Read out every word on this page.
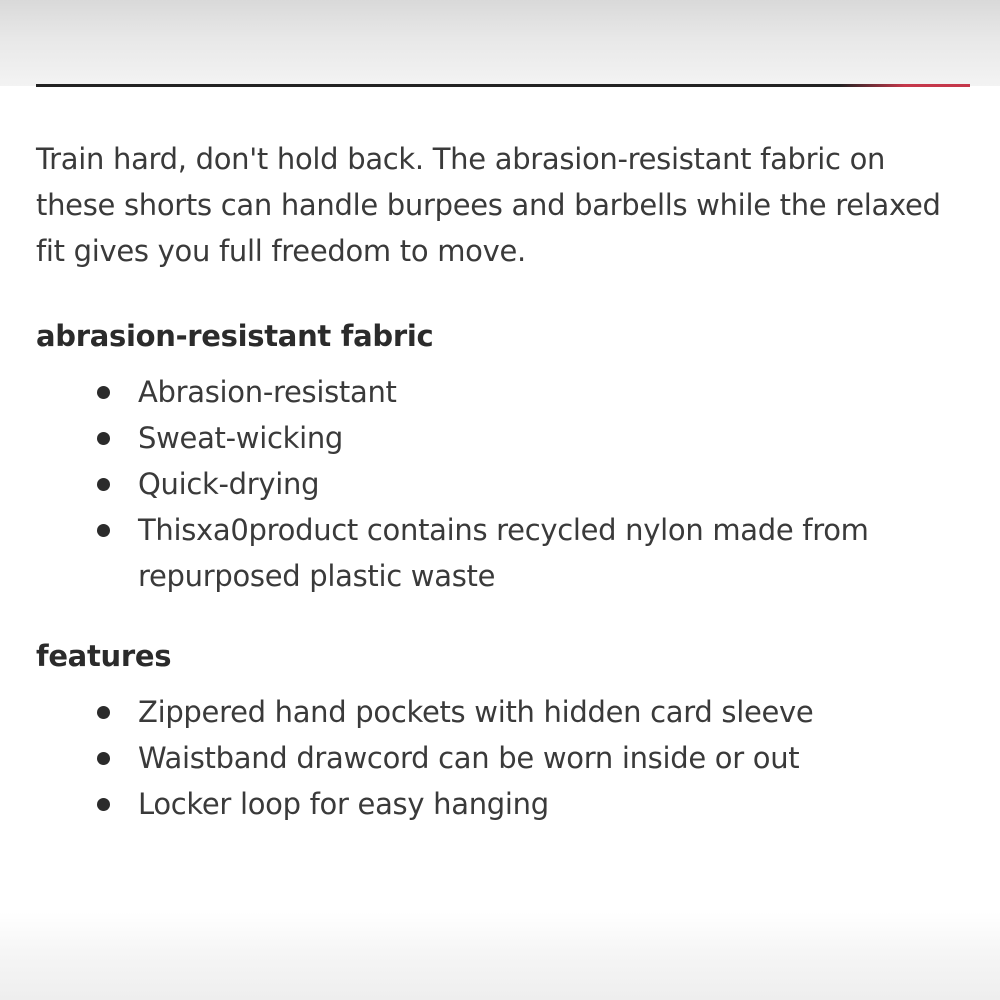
Train hard, don't hold back. The abrasion-resistant fabric on these shorts can handle burpees and barbells while the relaxed fit gives you full freedom to move.

abrasion-resistant fabric
Abrasion-resistant
Sweat-wicking
Quick-drying
Thisxa0product contains recycled nylon made from repurposed plastic waste
features
Zippered hand pockets with hidden card sleeve
Waistband drawcord can be worn inside or out
Locker loop for easy hanging
